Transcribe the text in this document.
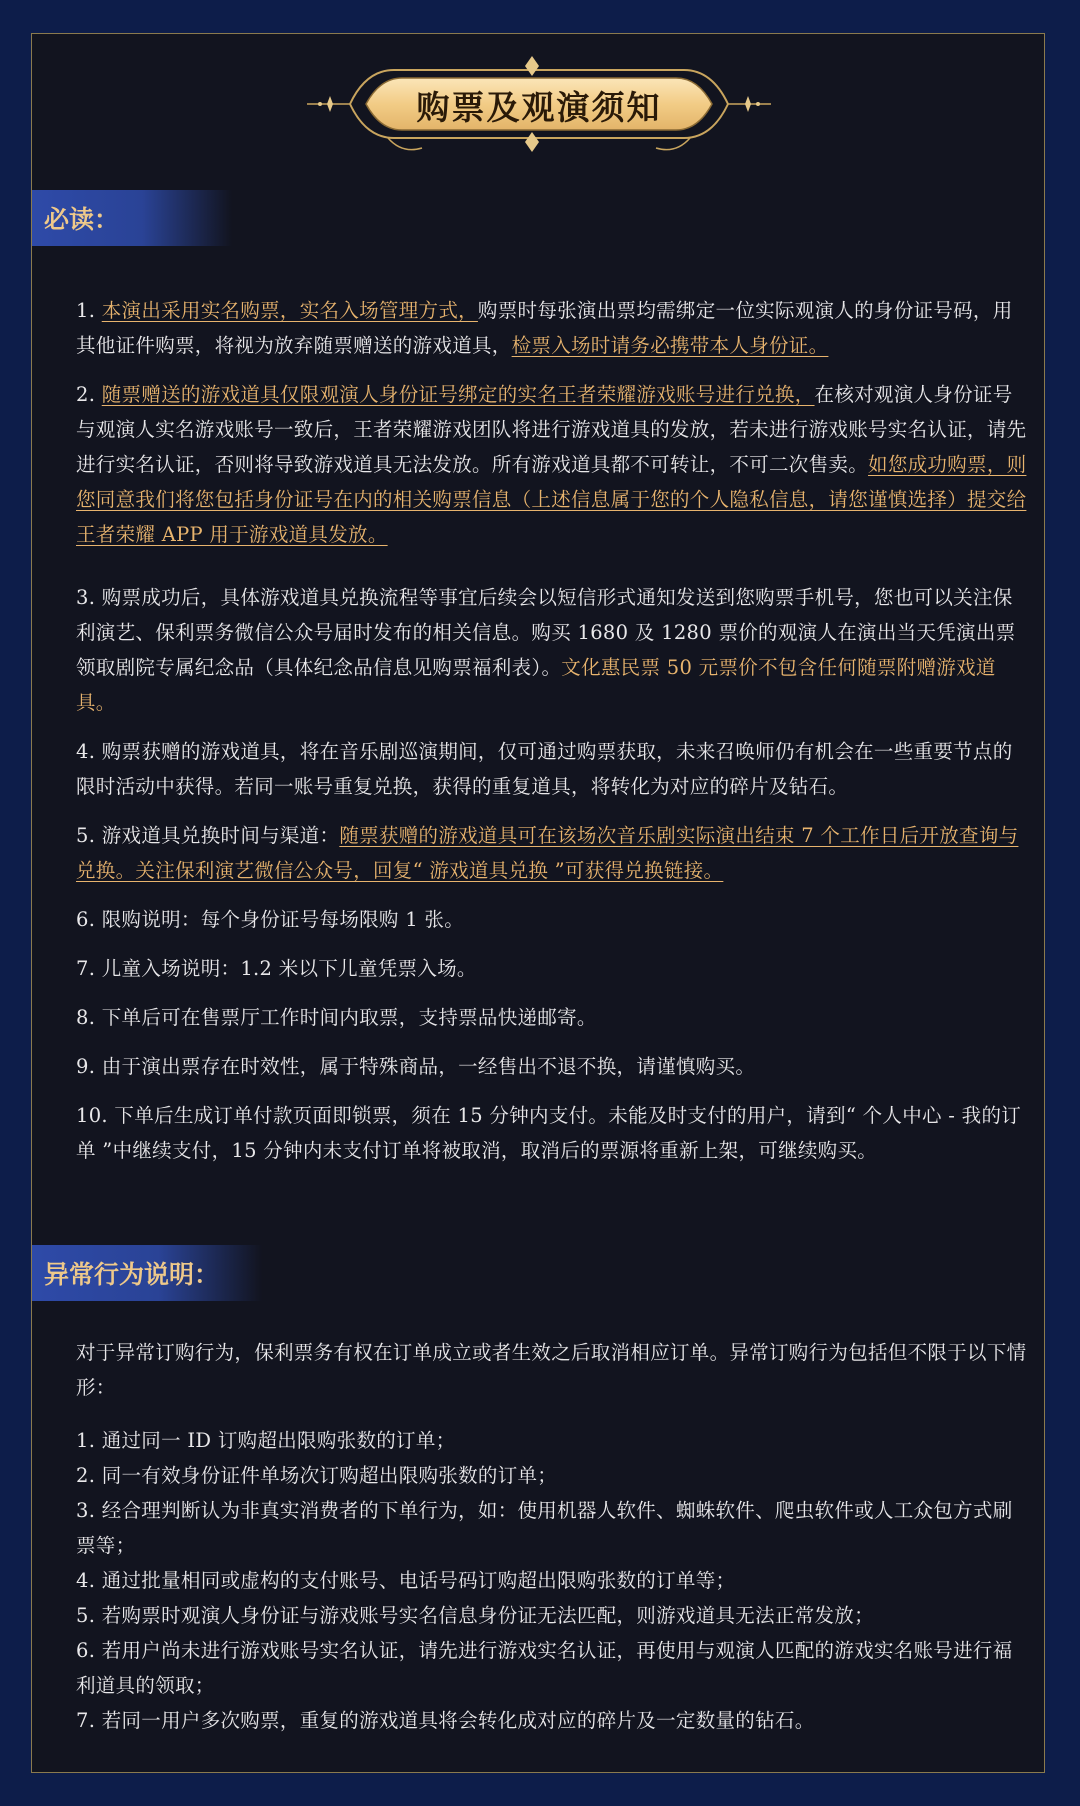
购票及观演须知
必读：

1. 本演出采用实名购票，实名入场管理方式，购票时每张演出票均需绑定一位实际观演人的身份证号码，用其他证件购票，将视为放弃随票赠送的游戏道具，检票入场时请务必携带本人身份证。

2. 随票赠送的游戏道具仅限观演人身份证号绑定的实名王者荣耀游戏账号进行兑换，在核对观演人身份证号与观演人实名游戏账号一致后，王者荣耀游戏团队将进行游戏道具的发放，若未进行游戏账号实名认证，请先进行实名认证，否则将导致游戏道具无法发放。所有游戏道具都不可转让，不可二次售卖。如您成功购票，则您同意我们将您包括身份证号在内的相关购票信息（上述信息属于您的个人隐私信息，请您谨慎选择）提交给王者荣耀 APP 用于游戏道具发放。

3. 购票成功后，具体游戏道具兑换流程等事宜后续会以短信形式通知发送到您购票手机号，您也可以关注保利演艺、保利票务微信公众号届时发布的相关信息。购买 1680 及 1280 票价的观演人在演出当天凭演出票领取剧院专属纪念品（具体纪念品信息见购票福利表）。文化惠民票 50 元票价不包含任何随票附赠游戏道具。

4. 购票获赠的游戏道具，将在音乐剧巡演期间，仅可通过购票获取，未来召唤师仍有机会在一些重要节点的限时活动中获得。若同一账号重复兑换，获得的重复道具，将转化为对应的碎片及钻石。

5. 游戏道具兑换时间与渠道：随票获赠的游戏道具可在该场次音乐剧实际演出结束 7 个工作日后开放查询与兑换。关注保利演艺微信公众号，回复“ 游戏道具兑换 ”可获得兑换链接。

6. 限购说明：每个身份证号每场限购 1 张。

7. 儿童入场说明：1.2 米以下儿童凭票入场。

8. 下单后可在售票厅工作时间内取票，支持票品快递邮寄。

9. 由于演出票存在时效性，属于特殊商品，一经售出不退不换，请谨慎购买。

10. 下单后生成订单付款页面即锁票，须在 15 分钟内支付。未能及时支付的用户，请到“ 个人中心 - 我的订单 ”中继续支付，15 分钟内未支付订单将被取消，取消后的票源将重新上架，可继续购买。

异常行为说明：

对于异常订购行为，保利票务有权在订单成立或者生效之后取消相应订单。异常订购行为包括但不限于以下情形：

1. 通过同一 ID 订购超出限购张数的订单；

2. 同一有效身份证件单场次订购超出限购张数的订单；

3. 经合理判断认为非真实消费者的下单行为，如：使用机器人软件、蜘蛛软件、爬虫软件或人工众包方式刷票等；

4. 通过批量相同或虚构的支付账号、电话号码订购超出限购张数的订单等；

5. 若购票时观演人身份证与游戏账号实名信息身份证无法匹配，则游戏道具无法正常发放；

6. 若用户尚未进行游戏账号实名认证，请先进行游戏实名认证，再使用与观演人匹配的游戏实名账号进行福利道具的领取；

7. 若同一用户多次购票，重复的游戏道具将会转化成对应的碎片及一定数量的钻石。
